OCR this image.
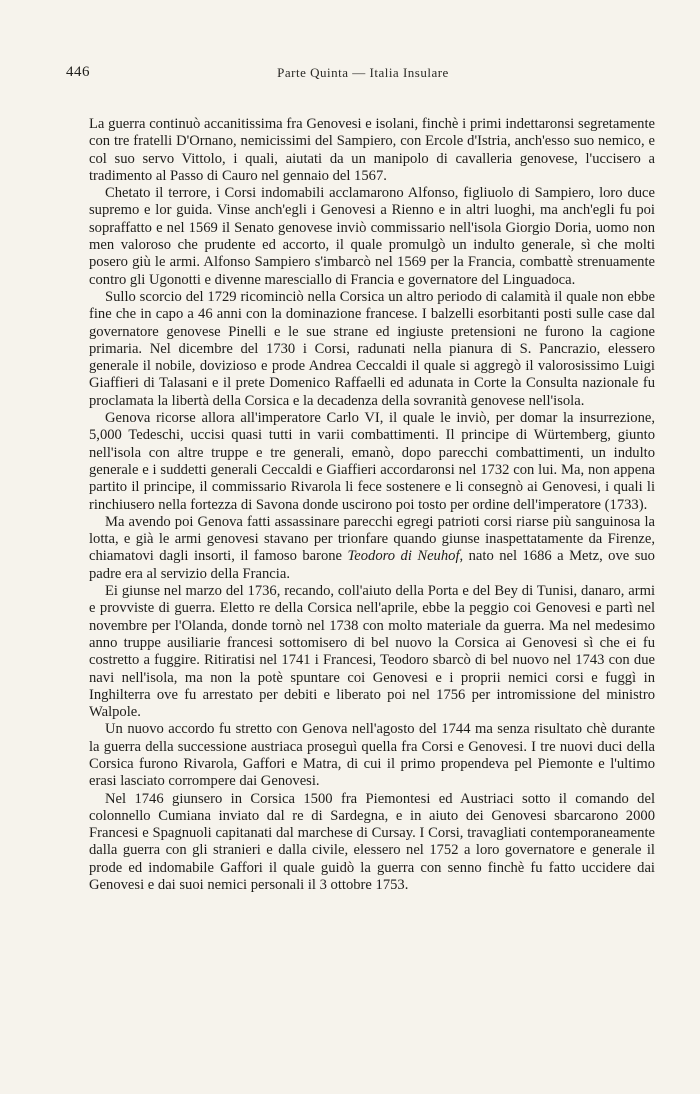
446	Parte Quinta — Italia Insulare

La guerra continuò accanitissima fra Genovesi e isolani, finchè i primi indettaronsi segretamente con tre fratelli D'Ornano, nemicissimi del Sampiero, con Ercole d'Istria, anch'esso suo nemico, e col suo servo Vittolo, i quali, aiutati da un manipolo di cavalleria genovese, l'uccisero a tradimento al Passo di Cauro nel gennaio del 1567.

Chetato il terrore, i Corsi indomabili acclamarono Alfonso, figliuolo di Sampiero, loro duce supremo e lor guida. Vinse anch'egli i Genovesi a Rienno e in altri luoghi, ma anch'egli fu poi sopraffatto e nel 1569 il Senato genovese inviò commissario nell'isola Giorgio Doria, uomo non men valoroso che prudente ed accorto, il quale promulgò un indulto generale, sì che molti posero giù le armi. Alfonso Sampiero s'imbarcò nel 1569 per la Francia, combattè strenuamente contro gli Ugonotti e divenne maresciallo di Francia e governatore del Linguadoca.

Sullo scorcio del 1729 ricominciò nella Corsica un altro periodo di calamità il quale non ebbe fine che in capo a 46 anni con la dominazione francese. I balzelli esorbitanti posti sulle case dal governatore genovese Pinelli e le sue strane ed ingiuste pretensioni ne furono la cagione primaria. Nel dicembre del 1730 i Corsi, radunati nella pianura di S. Pancrazio, elessero generale il nobile, dovizioso e prode Andrea Ceccaldi il quale si aggregò il valorosissimo Luigi Giaffieri di Talasani e il prete Domenico Raffaelli ed adunata in Corte la Consulta nazionale fu proclamata la libertà della Corsica e la decadenza della sovranità genovese nell'isola.

Genova ricorse allora all'imperatore Carlo VI, il quale le inviò, per domar la insurrezione, 5,000 Tedeschi, uccisi quasi tutti in varii combattimenti. Il principe di Würtemberg, giunto nell'isola con altre truppe e tre generali, emanò, dopo parecchi combattimenti, un indulto generale e i suddetti generali Ceccaldi e Giaffieri accordaronsi nel 1732 con lui. Ma, non appena partito il principe, il commissario Rivarola li fece sostenere e li consegnò ai Genovesi, i quali li rinchiusero nella fortezza di Savona donde uscirono poi tosto per ordine dell'imperatore (1733).

Ma avendo poi Genova fatti assassinare parecchi egregi patrioti corsi riarse più sanguinosa la lotta, e già le armi genovesi stavano per trionfare quando giunse inaspettatamente da Firenze, chiamatovi dagli insorti, il famoso barone Teodoro di Neuhof, nato nel 1686 a Metz, ove suo padre era al servizio della Francia.

Ei giunse nel marzo del 1736, recando, coll'aiuto della Porta e del Bey di Tunisi, danaro, armi e provviste di guerra. Eletto re della Corsica nell'aprile, ebbe la peggio coi Genovesi e partì nel novembre per l'Olanda, donde tornò nel 1738 con molto materiale da guerra. Ma nel medesimo anno truppe ausiliarie francesi sottomisero di bel nuovo la Corsica ai Genovesi sì che ei fu costretto a fuggire. Ritiratisi nel 1741 i Francesi, Teodoro sbarcò di bel nuovo nel 1743 con due navi nell'isola, ma non la potè spuntare coi Genovesi e i proprii nemici corsi e fuggì in Inghilterra ove fu arrestato per debiti e liberato poi nel 1756 per intromissione del ministro Walpole.

Un nuovo accordo fu stretto con Genova nell'agosto del 1744 ma senza risultato chè durante la guerra della successione austriaca proseguì quella fra Corsi e Genovesi. I tre nuovi duci della Corsica furono Rivarola, Gaffori e Matra, di cui il primo propendeva pel Piemonte e l'ultimo erasi lasciato corrompere dai Genovesi.

Nel 1746 giunsero in Corsica 1500 fra Piemontesi ed Austriaci sotto il comando del colonnello Cumiana inviato dal re di Sardegna, e in aiuto dei Genovesi sbarcarono 2000 Francesi e Spagnuoli capitanati dal marchese di Cursay. I Corsi, travagliati contemporaneamente dalla guerra con gli stranieri e dalla civile, elessero nel 1752 a loro governatore e generale il prode ed indomabile Gaffori il quale guidò la guerra con senno finchè fu fatto uccidere dai Genovesi e dai suoi nemici personali il 3 ottobre 1753.
